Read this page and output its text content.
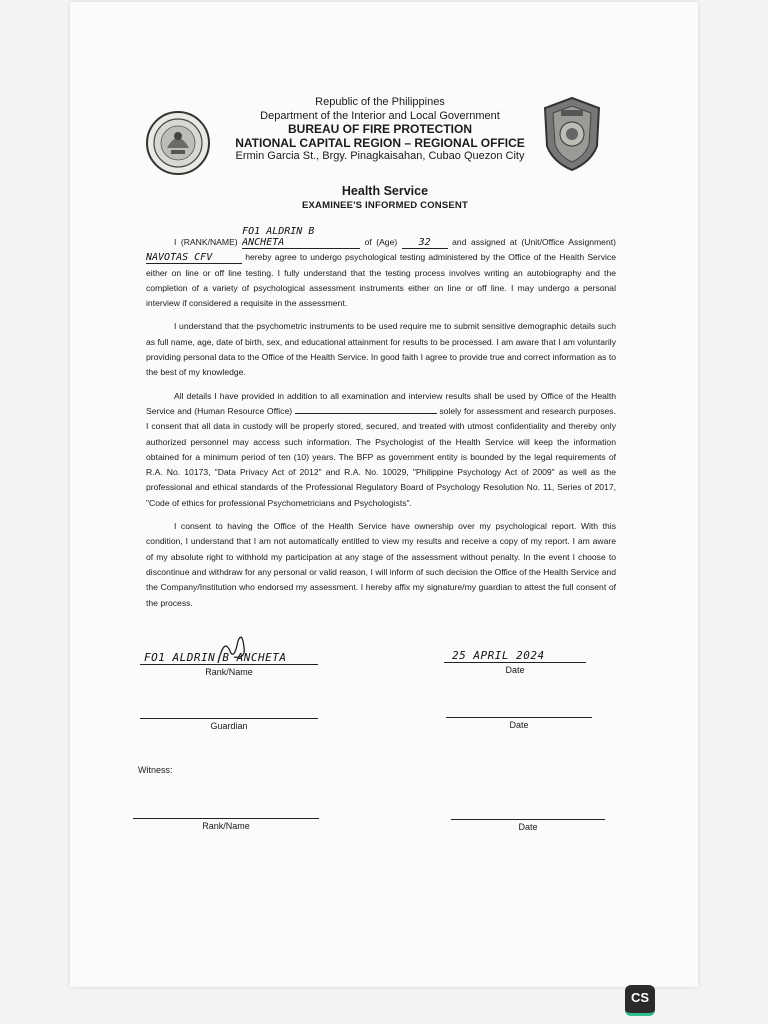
Republic of the Philippines
Department of the Interior and Local Government
BUREAU OF FIRE PROTECTION
NATIONAL CAPITAL REGION – REGIONAL OFFICE
Ermin Garcia St., Brgy. Pinagkaisahan, Cubao Quezon City
Health Service
EXAMINEE'S INFORMED CONSENT

I (RANK/NAME) FO1 ALDRIN B ANCHETA	of (Age) 32 and assigned at (Unit/Office Assignment) NAVOTAS CFV	hereby agree to undergo psychological testing administered by the Office of the Health Service either on line or off line testing. I fully understand that the testing process involves writing an autobiography and the completion of a variety of psychological assessment instruments either on line or off line. I may undergo a personal interview if considered a requisite in the assessment.

I understand that the psychometric instruments to be used require me to submit sensitive demographic details such as full name, age, date of birth, sex, and educational attainment for results to be processed. I am aware that I am voluntarily providing personal data to the Office of the Health Service. In good faith I agree to provide true and correct information as to the best of my knowledge.

All details I have provided in addition to all examination and interview results shall be used by Office of the Health Service and (Human Resource Office)	solely for assessment and research purposes. I consent that all data in custody will be properly stored, secured, and treated with utmost confidentiality and thereby only authorized personnel may access such information. The Psychologist of the Health Service will keep the information obtained for a minimum period of ten (10) years. The BFP as government entity is bounded by the legal requirements of R.A. No. 10173, "Data Privacy Act of 2012" and R.A. No. 10029, "Philippine Psychology Act of 2009" as well as the professional and ethical standards of the Professional Regulatory Board of Psychology Resolution No. 11, Series of 2017, "Code of ethics for professional Psychometricians and Psychologists".

I consent to having the Office of the Health Service have ownership over my psychological report. With this condition, I understand that I am not automatically entitled to view my results and receive a copy of my report. I am aware of my absolute right to withhold my participation at any stage of the assessment without penalty. In the event I choose to discontinue and withdraw for any personal or valid reason, I will inform of such decision the Office of the Health Service and the Company/Institution who endorsed my assessment. I hereby affix my signature/my guardian to attest the full consent of the process.

FO1 ALDRIN B ANCHETA
Rank/Name
25 APRIL 2024
Date
Guardian	Date
Witness:
Rank/Name	Date
CS
